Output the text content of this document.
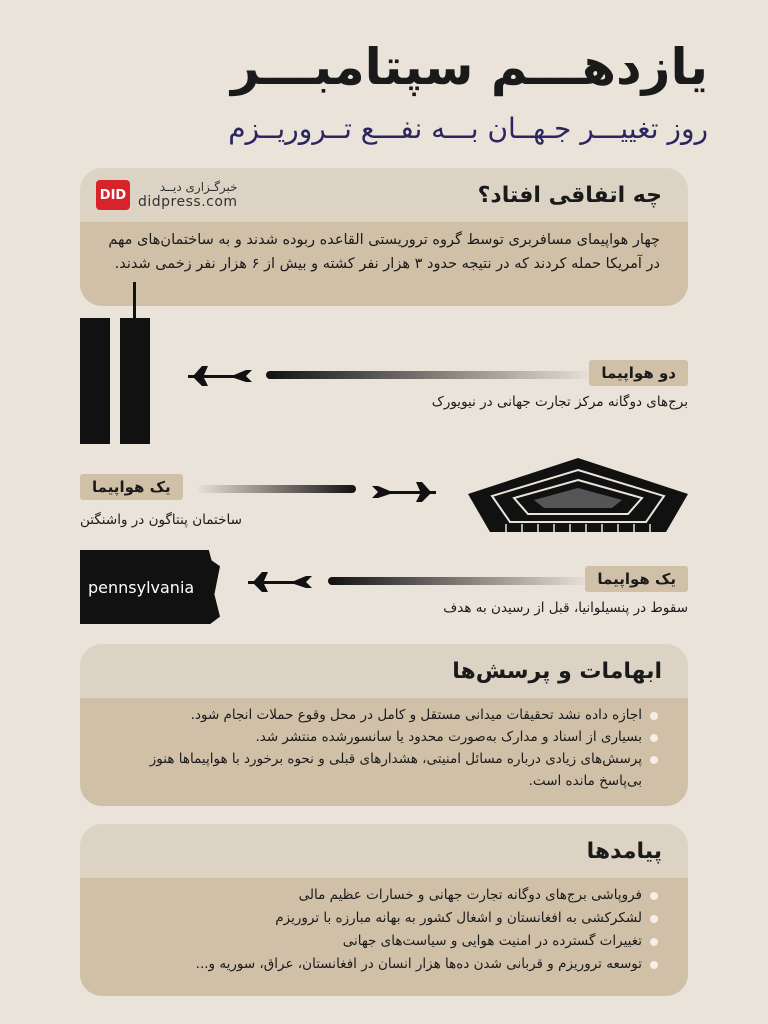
یازدهـــم سپتامبـــر
روز تغییـــر جـهــان بـــه نفـــع تــروریــزم
چه اتفاقی افتاد؟

چهار هواپیمای مسافربری توسط گروه تروریستی القاعده ربوده شدند و به ساختمان‌های مهم در آمریکا حمله کردند که در نتیجه حدود ۳ هزار نفر کشته و بیش از ۶ هزار نفر زخمی شدند.

خبرگـزاری دیــد
didpress.com
DID
دو هواپیما
برج‌های دوگانه مرکز تجارت جهانی در نیویورک
یک هواپیما
ساختمان پنتاگون در واشنگتن
pennsylvania	یک هواپیما
سقوط در پنسیلوانیا، قبل از رسیدن به هدف
ابهامات و پرسش‌ها
اجازه داده نشد تحقیقات میدانی مستقل و کامل در محل وقوع حملات انجام شود.
بسیاری از اسناد و مدارک به‌صورت محدود یا سانسورشده منتشر شد.
پرسش‌های زیادی درباره مسائل امنیتی، هشدارهای قبلی و نحوه برخورد با هواپیماها هنوز بی‌پاسخ مانده است.
پیامدها
فروپاشی برج‌های دوگانه تجارت جهانی و خسارات عظیم مالی
لشکرکشی به افغانستان و اشغال کشور به بهانه مبارزه با تروریزم
تغییرات گسترده در امنیت هوایی و سیاست‌های جهانی
توسعه تروریزم و قربانی شدن ده‌ها هزار انسان در افغانستان، عراق، سوریه و...
